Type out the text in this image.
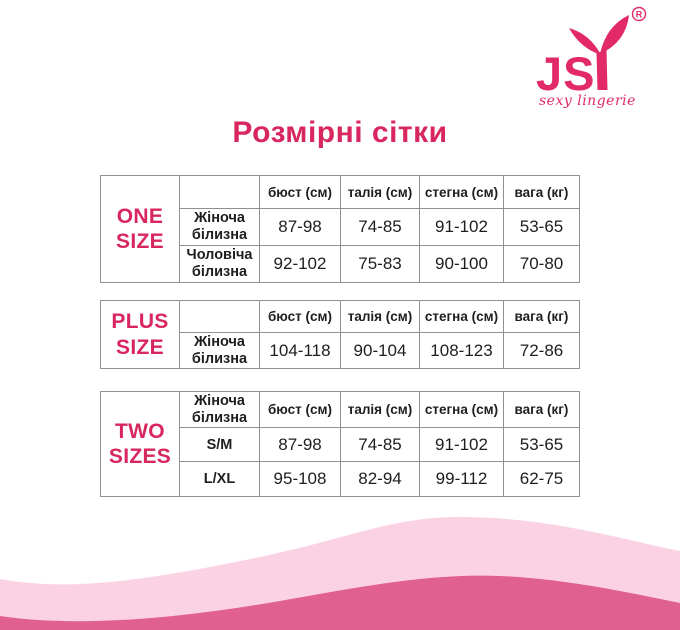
JS
R
sexy lingerie
Розмірні сітки
ONE
SIZE		бюст (см)	талія (см)	стегна (см)	вага (кг)
	Жіноча білизна	87-98	74-85	91-102	53-65
	Чоловіча білизна	92-102	75-83	90-100	70-80
PLUS
SIZE		бюст (см)	талія (см)	стегна (см)	вага (кг)
	Жіноча білизна	104-118	90-104	108-123	72-86
TWO
SIZES	Жіноча білизна	бюст (см)	талія (см)	стегна (см)	вага (кг)
	S/M	87-98	74-85	91-102	53-65
	L/XL	95-108	82-94	99-112	62-75
